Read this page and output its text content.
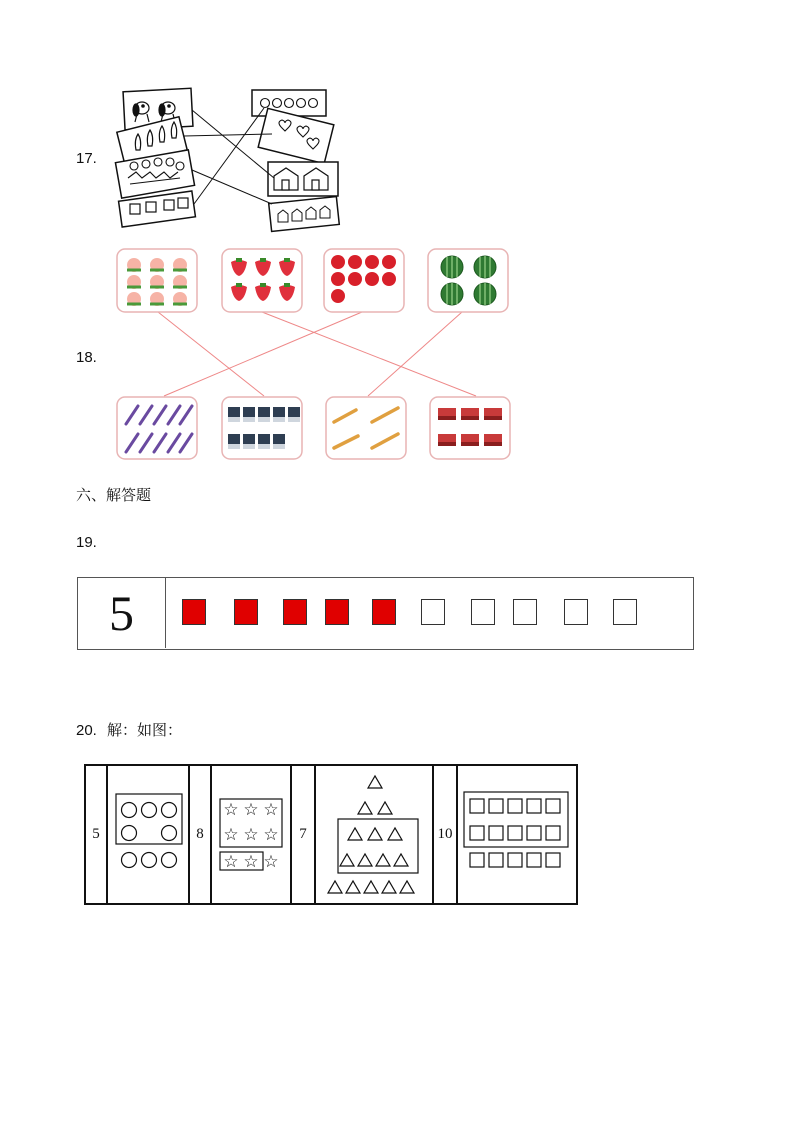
17.
18.
六、解答题
19.
5
20. 解：如图：
5	8
☆ ☆ ☆
☆ ☆ ☆
☆ ☆ ☆
7	10
